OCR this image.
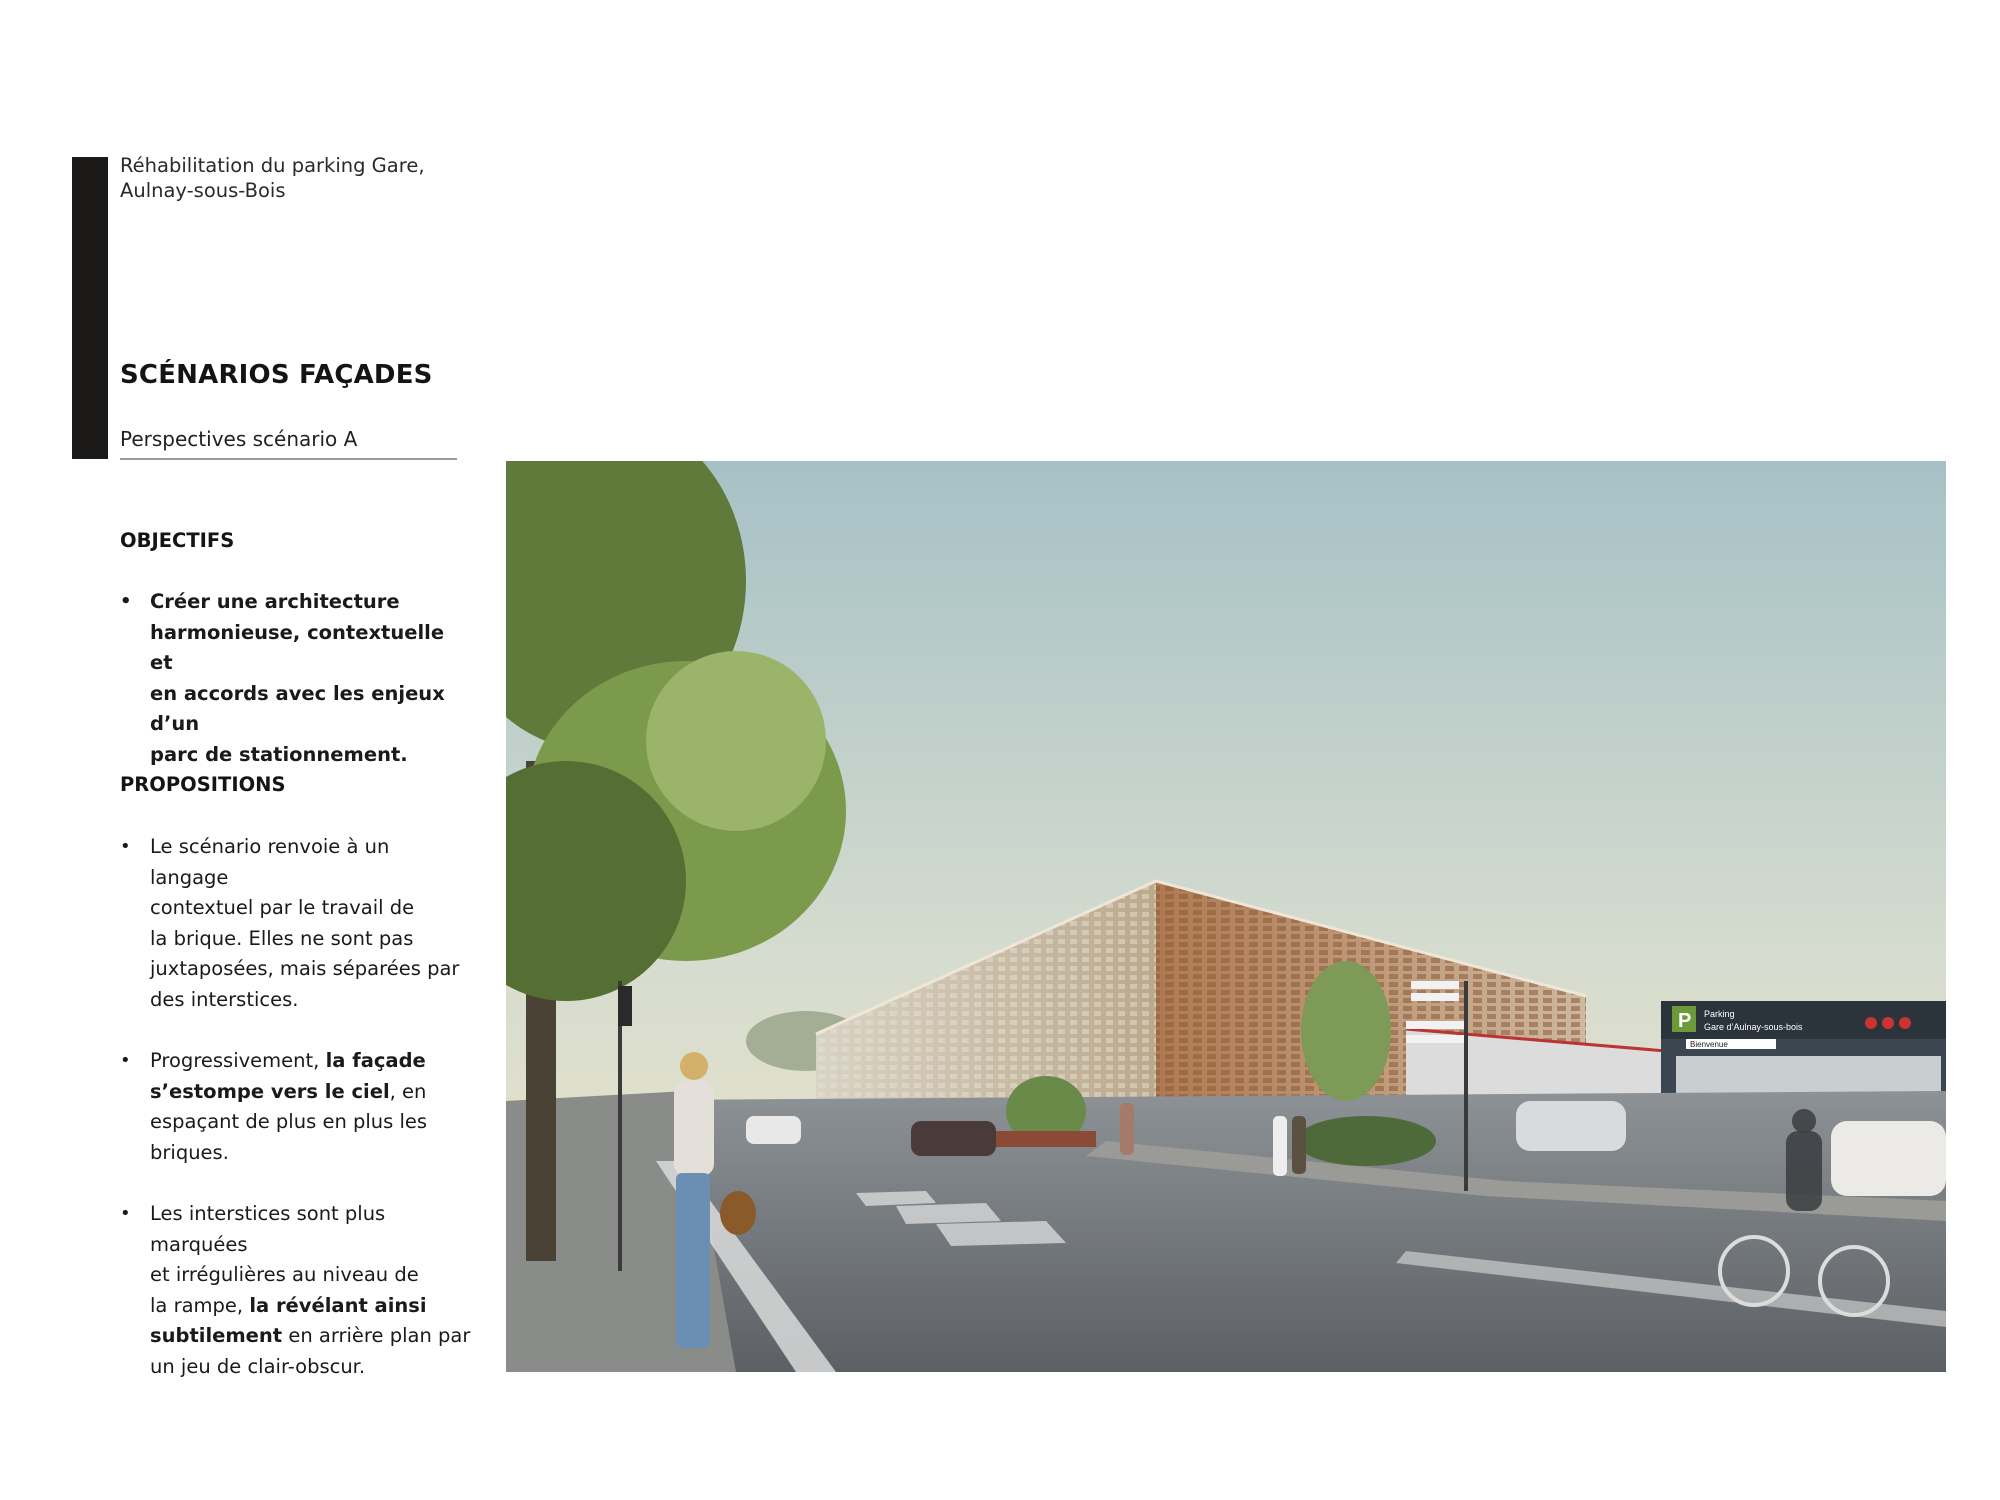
Réhabilitation du parking Gare,
Aulnay-sous-Bois
SCÉNARIOS FAÇADES
Perspectives scénario A
OBJECTIFS
• Créer une architecture
harmonieuse, contextuelle et
en accords avec les enjeux d’un
parc de stationnement.
PROPOSITIONS
• Le scénario renvoie à un langage
contextuel par le travail de
la brique. Elles ne sont pas
juxtaposées, mais séparées par
des interstices.
• Progressivement, la façade
s’estompe vers le ciel, en
espaçant de plus en plus les
briques.
• Les interstices sont plus marquées
et irrégulières au niveau de
la rampe, la révélant ainsi
subtilement en arrière plan par
un jeu de clair-obscur.
P Parking
Gare d’Aulnay-sous-bois
Bienvenue
